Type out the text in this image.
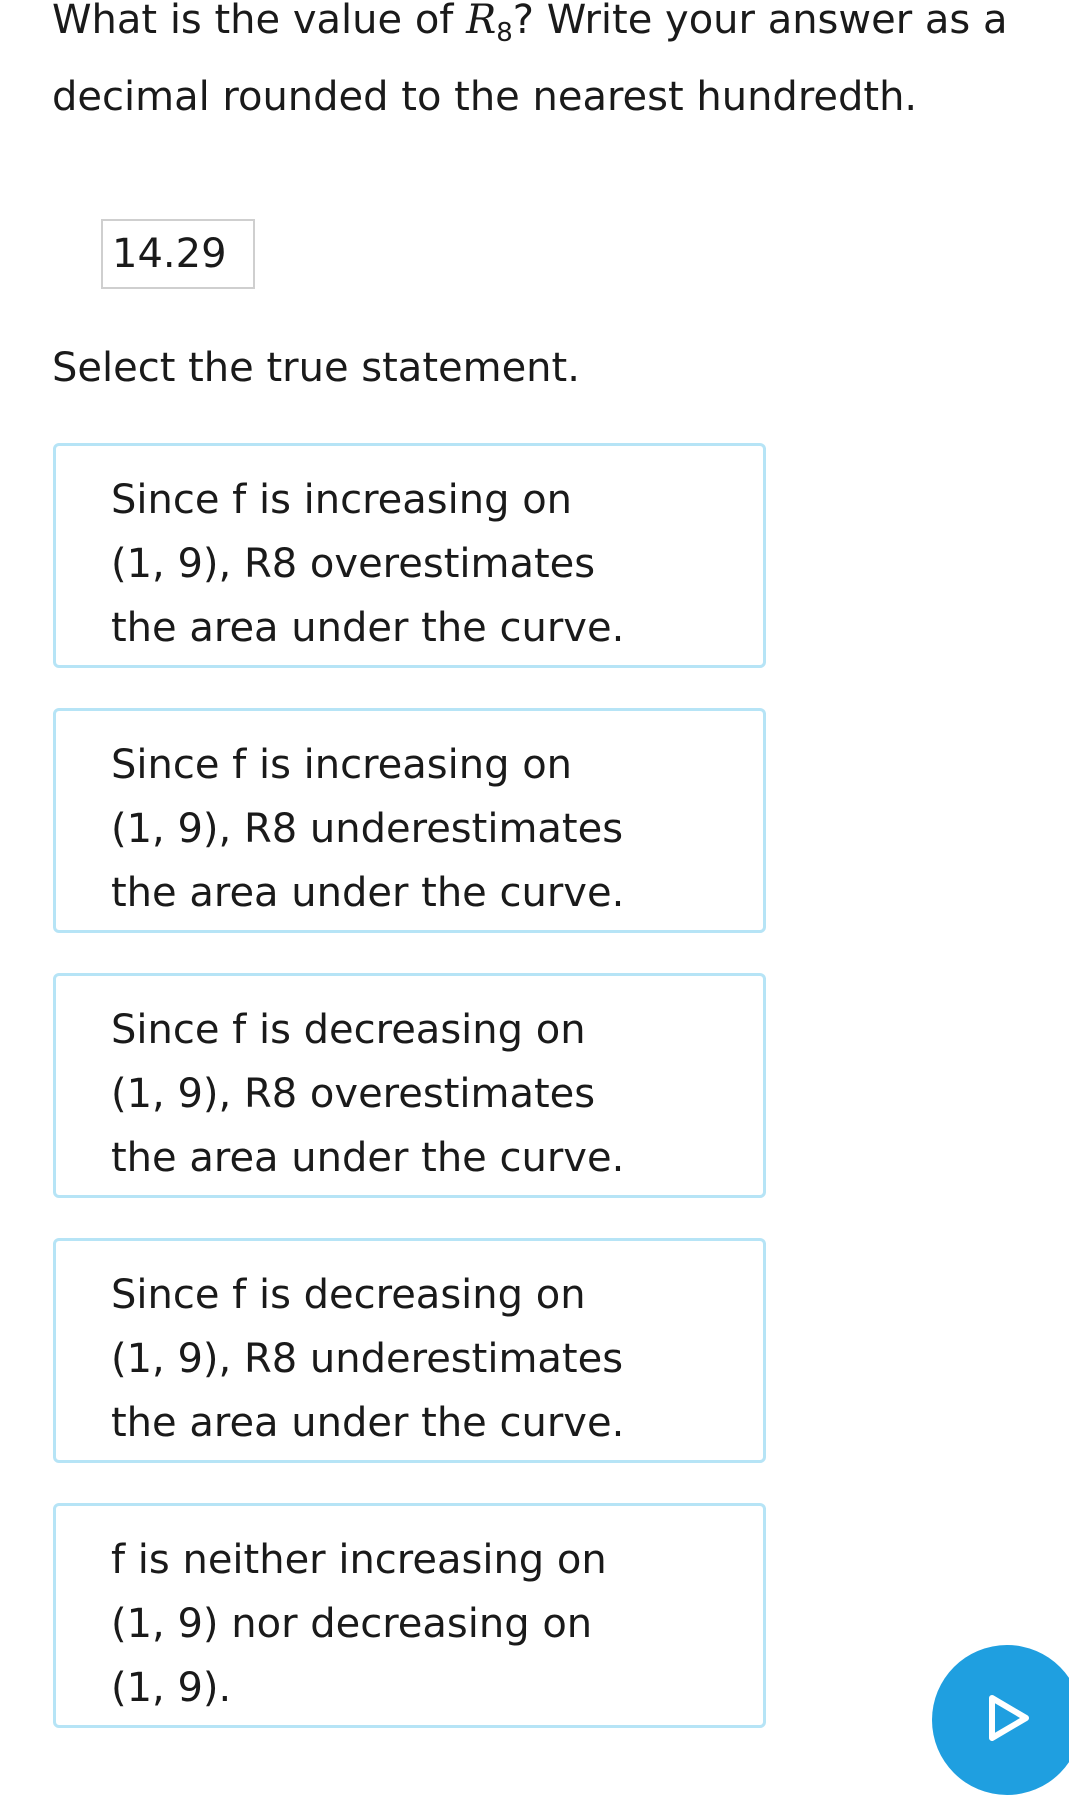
What is the value of $R_8$? Write your answer as a decimal rounded to the nearest hundredth.

14.29

Select the true statement.

Since f is increasing on
(1, 9), R8 overestimates
the area under the curve.
Since f is increasing on
(1, 9), R8 underestimates
the area under the curve.
Since f is decreasing on
(1, 9), R8 overestimates
the area under the curve.
Since f is decreasing on
(1, 9), R8 underestimates
the area under the curve.
f is neither increasing on
(1, 9) nor decreasing on
(1, 9).
